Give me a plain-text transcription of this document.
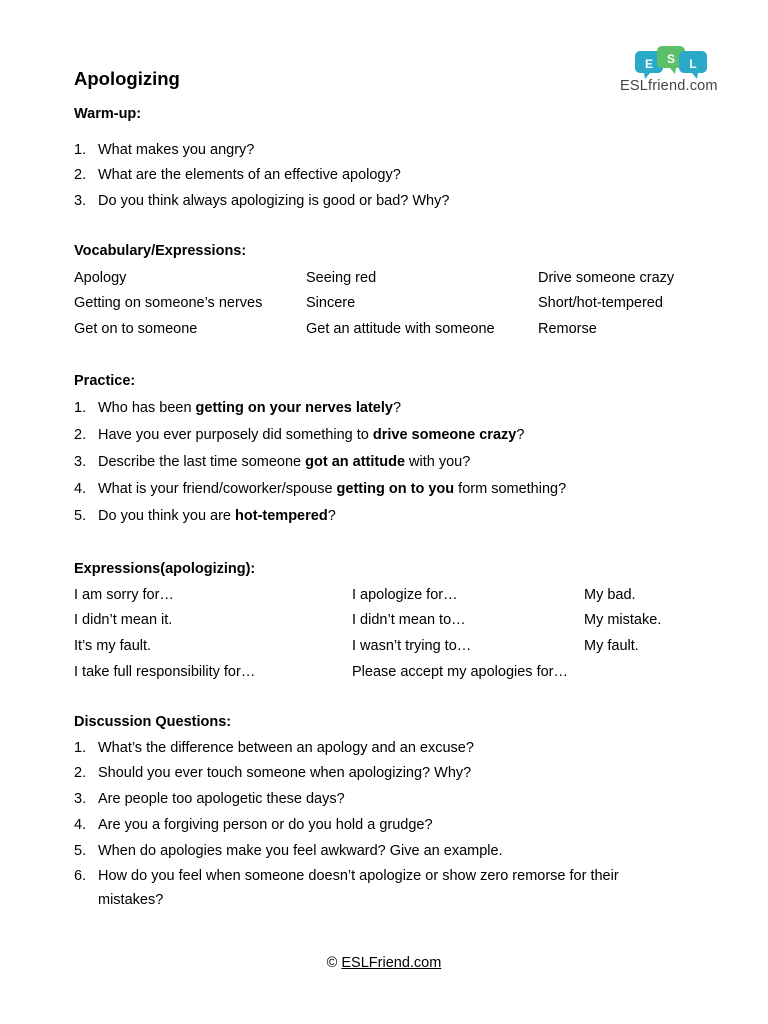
E S L
ESLfriend.com
Apologizing
Warm-up:
1. What makes you angry?
2. What are the elements of an effective apology?
3. Do you think always apologizing is good or bad? Why?
Vocabulary/Expressions:
Apology	Seeing red	Drive someone crazy
Getting on someone’s nerves	Sincere	Short/hot-tempered
Get on to someone	Get an attitude with someone	Remorse
Practice:
1. Who has been getting on your nerves lately?
2. Have you ever purposely did something to drive someone crazy?
3. Describe the last time someone got an attitude with you?
4. What is your friend/coworker/spouse getting on to you form something?
5. Do you think you are hot-tempered?
Expressions(apologizing):
I am sorry for…	I apologize for…	My bad.
I didn’t mean it.	I didn’t mean to…	My mistake.
It’s my fault.	I wasn’t trying to…	My fault.
I take full responsibility for…	Please accept my apologies for…
Discussion Questions:
1. What’s the difference between an apology and an excuse?
2. Should you ever touch someone when apologizing? Why?
3. Are people too apologetic these days?
4. Are you a forgiving person or do you hold a grudge?
5. When do apologies make you feel awkward? Give an example.
6. How do you feel when someone doesn’t apologize or show zero remorse for their
mistakes?
© ESLFriend.com
